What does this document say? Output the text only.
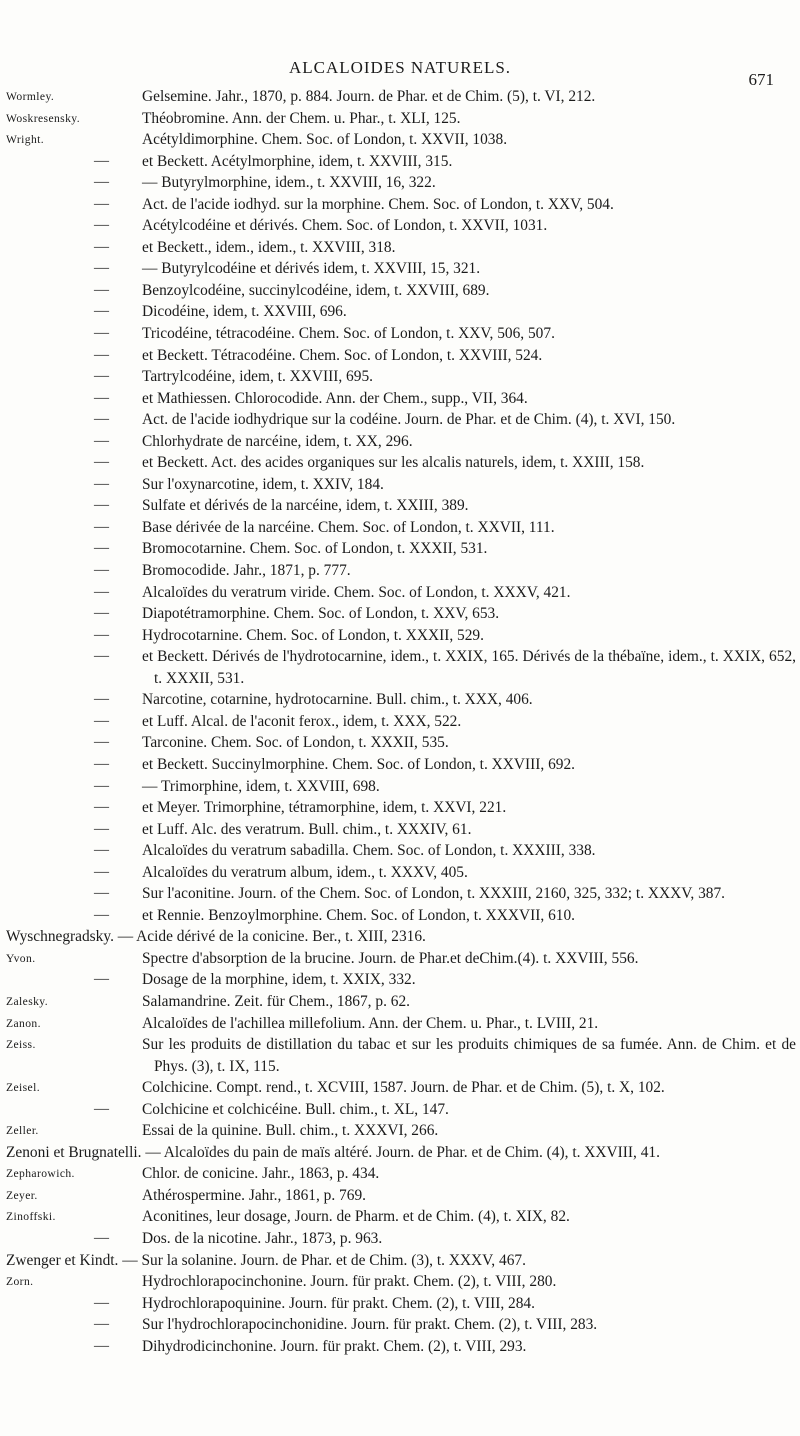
ALCALOIDES NATURELS.
671
Wormley.	Gelsemine. Jahr., 1870, p. 884. Journ. de Phar. et de Chim. (5), t. VI, 212.
Woskresensky.	Théobromine. Ann. der Chem. u. Phar., t. XLI, 125.
Wright.	Acétyldimorphine. Chem. Soc. of London, t. XXVII, 1038.
—	et Beckett. Acétylmorphine, idem, t. XXVIII, 315.
—	— Butyrylmorphine, idem., t. XXVIII, 16, 322.
—	Act. de l'acide iodhyd. sur la morphine. Chem. Soc. of London, t. XXV, 504.
—	Acétylcodéine et dérivés. Chem. Soc. of London, t. XXVII, 1031.
—	et Beckett., idem., idem., t. XXVIII, 318.
—	— Butyrylcodéine et dérivés idem, t. XXVIII, 15, 321.
—	Benzoylcodéine, succinylcodéine, idem, t. XXVIII, 689.
—	Dicodéine, idem, t. XXVIII, 696.
—	Tricodéine, tétracodéine. Chem. Soc. of London, t. XXV, 506, 507.
—	et Beckett. Tétracodéine. Chem. Soc. of London, t. XXVIII, 524.
—	Tartrylcodéine, idem, t. XXVIII, 695.
—	et Mathiessen. Chlorocodide. Ann. der Chem., supp., VII, 364.
—	Act. de l'acide iodhydrique sur la codéine. Journ. de Phar. et de Chim. (4), t. XVI, 150.
—	Chlorhydrate de narcéine, idem, t. XX, 296.
—	et Beckett. Act. des acides organiques sur les alcalis naturels, idem, t. XXIII, 158.
—	Sur l'oxynarcotine, idem, t. XXIV, 184.
—	Sulfate et dérivés de la narcéine, idem, t. XXIII, 389.
—	Base dérivée de la narcéine. Chem. Soc. of London, t. XXVII, 111.
—	Bromocotarnine. Chem. Soc. of London, t. XXXII, 531.
—	Bromocodide. Jahr., 1871, p. 777.
—	Alcaloïdes du veratrum viride. Chem. Soc. of London, t. XXXV, 421.
—	Diapotétramorphine. Chem. Soc. of London, t. XXV, 653.
—	Hydrocotarnine. Chem. Soc. of London, t. XXXII, 529.
—	et Beckett. Dérivés de l'hydrotocarnine, idem., t. XXIX, 165. Dérivés de la thébaïne, idem., t. XXIX, 652, t. XXXII, 531.
—	Narcotine, cotarnine, hydrotocarnine. Bull. chim., t. XXX, 406.
—	et Luff. Alcal. de l'aconit ferox., idem, t. XXX, 522.
—	Tarconine. Chem. Soc. of London, t. XXXII, 535.
—	et Beckett. Succinylmorphine. Chem. Soc. of London, t. XXVIII, 692.
—	— Trimorphine, idem, t. XXVIII, 698.
—	et Meyer. Trimorphine, tétramorphine, idem, t. XXVI, 221.
—	et Luff. Alc. des veratrum. Bull. chim., t. XXXIV, 61.
—	Alcaloïdes du veratrum sabadilla. Chem. Soc. of London, t. XXXIII, 338.
—	Alcaloïdes du veratrum album, idem., t. XXXV, 405.
—	Sur l'aconitine. Journ. of the Chem. Soc. of London, t. XXXIII, 2160, 325, 332; t. XXXV, 387.
—	et Rennie. Benzoylmorphine. Chem. Soc. of London, t. XXXVII, 610.
Wyschnegradsky. — Acide dérivé de la conicine. Ber., t. XIII, 2316.
Yvon.	Spectre d'absorption de la brucine. Journ. de Phar.et deChim.(4). t. XXVIII, 556.
—	Dosage de la morphine, idem, t. XXIX, 332.
Zalesky.	Salamandrine. Zeit. für Chem., 1867, p. 62.
Zanon.	Alcaloïdes de l'achillea millefolium. Ann. der Chem. u. Phar., t. LVIII, 21.
Zeiss.	Sur les produits de distillation du tabac et sur les produits chimiques de sa fumée. Ann. de Chim. et de Phys. (3), t. IX, 115.
Zeisel.	Colchicine. Compt. rend., t. XCVIII, 1587. Journ. de Phar. et de Chim. (5), t. X, 102.
—	Colchicine et colchicéine. Bull. chim., t. XL, 147.
Zeller.	Essai de la quinine. Bull. chim., t. XXXVI, 266.
Zenoni et Brugnatelli. — Alcaloïdes du pain de maïs altéré. Journ. de Phar. et de Chim. (4), t. XXVIII, 41.
Zepharowich.	Chlor. de conicine. Jahr., 1863, p. 434.
Zeyer.	Athérospermine. Jahr., 1861, p. 769.
Zinoffski.	Aconitines, leur dosage, Journ. de Pharm. et de Chim. (4), t. XIX, 82.
—	Dos. de la nicotine. Jahr., 1873, p. 963.
Zwenger et Kindt. — Sur la solanine. Journ. de Phar. et de Chim. (3), t. XXXV, 467.
Zorn.	Hydrochlorapocinchonine. Journ. für prakt. Chem. (2), t. VIII, 280.
—	Hydrochlorapoquinine. Journ. für prakt. Chem. (2), t. VIII, 284.
—	Sur l'hydrochlorapocinchonidine. Journ. für prakt. Chem. (2), t. VIII, 283.
—	Dihydrodicinchonine. Journ. für prakt. Chem. (2), t. VIII, 293.
